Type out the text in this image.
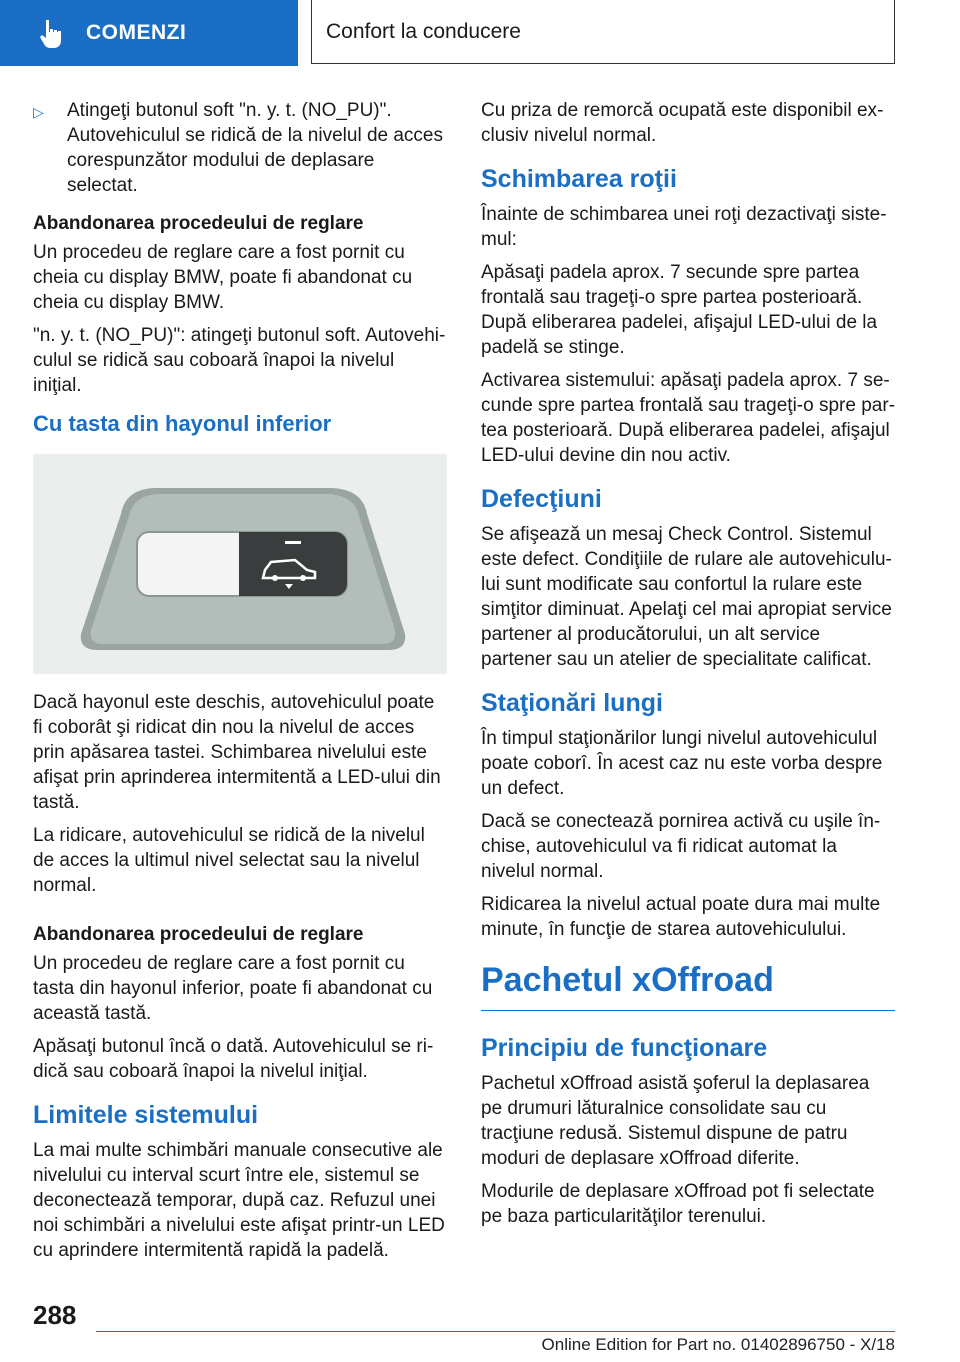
COMENZI	Confort la conducere
▷	Atingeţi butonul soft "n. y. t. (NO_PU)". Autovehiculul se ridică de la nivelul de acces corespunzător modului de deplasare selectat.

Abandonarea procedeului de reglare

Un procedeu de reglare care a fost pornit cu cheia cu display BMW, poate fi abandonat cu cheia cu display BMW.

"n. y. t. (NO_PU)": atingeţi butonul soft. Autovehiculul se ridică sau coboară înapoi la nivelul iniţial.

Cu tasta din hayonul inferior

Dacă hayonul este deschis, autovehiculul poate fi coborât şi ridicat din nou la nivelul de acces prin apăsarea tastei. Schimbarea nivelului este afişat prin aprinderea intermitentă a LED-ului din tastă.

La ridicare, autovehiculul se ridică de la nivelul de acces la ultimul nivel selectat sau la nivelul normal.

Abandonarea procedeului de reglare

Un procedeu de reglare care a fost pornit cu tasta din hayonul inferior, poate fi abandonat cu această tastă.

Apăsaţi butonul încă o dată. Autovehiculul se ridică sau coboară înapoi la nivelul iniţial.

Limitele sistemului

La mai multe schimbări manuale consecutive ale nivelului cu interval scurt între ele, sistemul se deconectează temporar, după caz. Refuzul unei noi schimbări a nivelului este afişat printr-un LED cu aprindere intermitentă rapidă la padelă.

Cu priza de remorcă ocupată este disponibil exclusiv nivelul normal.

Schimbarea roţii

Înainte de schimbarea unei roţi dezactivaţi sistemul:

Apăsaţi padela aprox. 7 secunde spre partea frontală sau trageţi-o spre partea posterioară. După eliberarea padelei, afişajul LED-ului de la padelă se stinge.

Activarea sistemului: apăsaţi padela aprox. 7 secunde spre partea frontală sau trageţi-o spre partea posterioară. După eliberarea padelei, afişajul LED-ului devine din nou activ.

Defecţiuni

Se afişează un mesaj Check Control. Sistemul este defect. Condiţiile de rulare ale autovehiculului sunt modificate sau confortul la rulare este simţitor diminuat. Apelaţi cel mai apropiat service partener al producătorului, un alt service partener sau un atelier de specialitate calificat.

Staţionări lungi

În timpul staţionărilor lungi nivelul autovehiculul poate coborî. În acest caz nu este vorba despre un defect.

Dacă se conectează pornirea activă cu uşile închise, autovehiculul va fi ridicat automat la nivelul normal.

Ridicarea la nivelul actual poate dura mai multe minute, în funcţie de starea autovehiculului.

Pachetul xOffroad
Principiu de funcţionare

Pachetul xOffroad asistă şoferul la deplasarea pe drumuri lăturalnice consolidate sau cu tracţiune redusă. Sistemul dispune de patru moduri de deplasare xOffroad diferite.

Modurile de deplasare xOffroad pot fi selectate pe baza particularităţilor terenului.

288
Online Edition for Part no. 01402896750 - X/18
